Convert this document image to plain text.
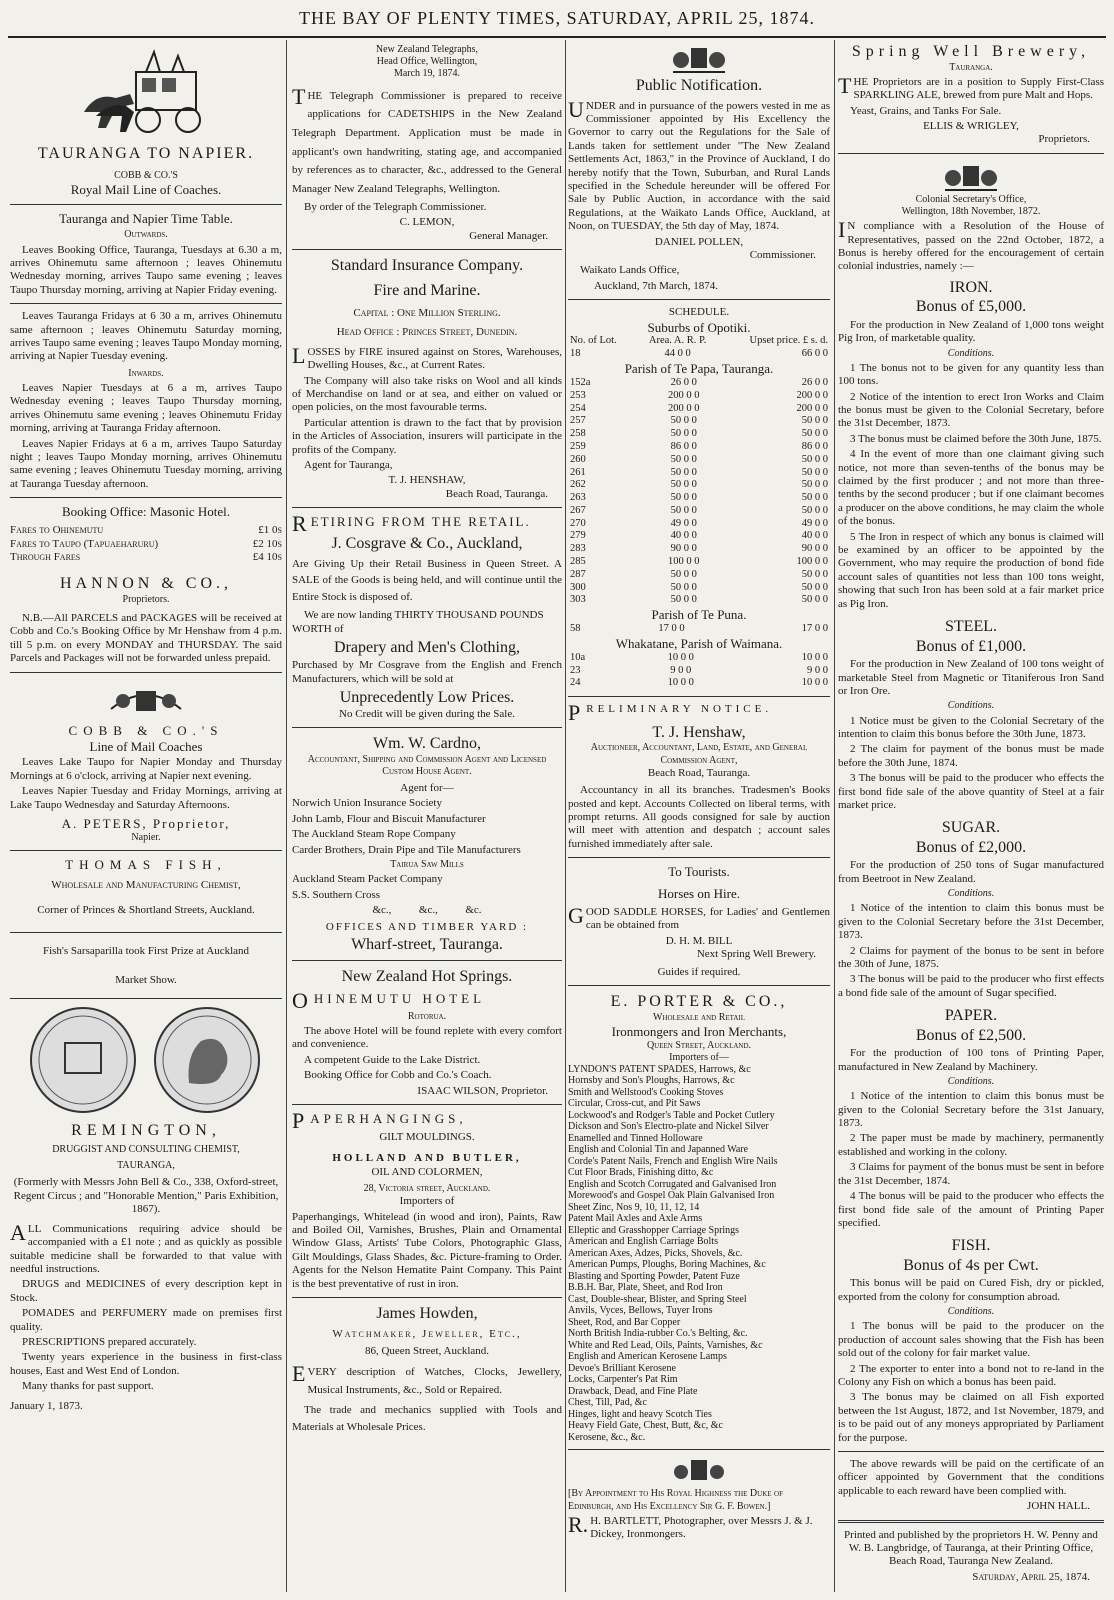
THE BAY OF PLENTY TIMES, SATURDAY, APRIL 25, 1874.
TAURANGA TO NAPIER.
COBB & CO.'S
Royal Mail Line of Coaches.
Tauranga and Napier Time Table.
Outwards.

Leaves Booking Office, Tauranga, Tuesdays at 6.30 a m, arrives Ohinemutu same afternoon ; leaves Ohinemutu Wednesday morning, arrives Taupo same evening ; leaves Taupo Thursday morning, arriving at Napier Friday evening.

Leaves Tauranga Fridays at 6 30 a m, arrives Ohinemutu same afternoon ; leaves Ohinemutu Saturday morning, arrives Taupo same evening ; leaves Taupo Monday morning, arriving at Napier Tuesday evening.

Inwards.

Leaves Napier Tuesdays at 6 a m, arrives Taupo Wednesday evening ; leaves Taupo Thursday morning, arrives Ohinemutu same evening ; leaves Ohinemutu Friday morning, arriving at Tauranga Friday afternoon.

Leaves Napier Fridays at 6 a m, arrives Taupo Saturday night ; leaves Taupo Monday morning, arrives Ohinemutu same evening ; leaves Ohinemutu Tuesday morning, arriving at Tauranga Tuesday afternoon.

Booking Office: Masonic Hotel.
Fares to Ohinemutu	£1 0s
Fares to Taupo (Tapuaeharuru)	£2 10s
Through Fares	£4 10s
HANNON & CO.,
Proprietors.

N.B.—All PARCELS and PACKAGES will be received at Cobb and Co.'s Booking Office by Mr Henshaw from 4 p.m. till 5 p.m. on every MONDAY and THURSDAY. The said Parcels and Packages will not be forwarded unless prepaid.

COBB & CO.'S
Line of Mail Coaches

Leaves Lake Taupo for Napier Monday and Thursday Mornings at 6 o'clock, arriving at Napier next evening.

Leaves Napier Tuesday and Friday Mornings, arriving at Lake Taupo Wednesday and Saturday Afternoons.

A. PETERS, Proprietor,
Napier.
THOMAS FISH,
Wholesale and Manufacturing Chemist,
Corner of Princes & Shortland Streets, Auckland.
Fish's Sarsaparilla took First Prize at Auckland
Market Show.
REMINGTON,
DRUGGIST AND CONSULTING CHEMIST,
TAURANGA,

(Formerly with Messrs John Bell & Co., 338, Oxford-street, Regent Circus ; and "Honorable Mention," Paris Exhibition, 1867).

ALL Communications requiring advice should be accompanied with a £1 note ; and as quickly as possible suitable medicine shall be forwarded to that value with needful instructions.

DRUGS and MEDICINES of every description kept in Stock.

POMADES and PERFUMERY made on premises first quality.

PRESCRIPTIONS prepared accurately.

Twenty years experience in the business in first-class houses, East and West End of London.

Many thanks for past support.

January 1, 1873.

New Zealand Telegraphs,
Head Office, Wellington,
March 19, 1874.

THE Telegraph Commissioner is prepared to receive applications for CADETSHIPS in the New Zealand Telegraph Department. Application must be made in applicant's own handwriting, stating age, and accompanied by references as to character, &c., addressed to the General Manager New Zealand Telegraphs, Wellington.

By order of the Telegraph Commissioner.

C. LEMON,
General Manager.
Standard Insurance Company.
Fire and Marine.
Capital : One Million Sterling.
Head Office : Princes Street, Dunedin.

LOSSES by FIRE insured against on Stores, Warehouses, Dwelling Houses, &c., at Current Rates.

The Company will also take risks on Wool and all kinds of Merchandise on land or at sea, and either on valued or open policies, on the most favourable terms.

Particular attention is drawn to the fact that by provision in the Articles of Association, insurers will participate in the profits of the Company.

Agent for Tauranga,

T. J. HENSHAW,
Beach Road, Tauranga.
RETIRING FROM THE RETAIL.
J. Cosgrave & Co., Auckland,

Are Giving Up their Retail Business in Queen Street. A SALE of the Goods is being held, and will continue until the Entire Stock is disposed of.

We are now landing THIRTY THOUSAND POUNDS WORTH of

Drapery and Men's Clothing,

Purchased by Mr Cosgrave from the English and French Manufacturers, which will be sold at

Unprecedently Low Prices.
No Credit will be given during the Sale.
Wm. W. Cardno,
Accountant, Shipping and Commission Agent and Licensed Custom House Agent.
Agent for—

Norwich Union Insurance Society

John Lamb, Flour and Biscuit Manufacturer

The Auckland Steam Rope Company

Carder Brothers, Drain Pipe and Tile Manufacturers

Tairua Saw Mills

Auckland Steam Packet Company

S.S. Southern Cross

&c.,          &c.,          &c.
OFFICES AND TIMBER YARD :
Wharf-street, Tauranga.
New Zealand Hot Springs.
OHINEMUTU HOTEL
Rotorua.

The above Hotel will be found replete with every comfort and convenience.

A competent Guide to the Lake District.

Booking Office for Cobb and Co.'s Coach.

ISAAC WILSON, Proprietor.
PAPERHANGINGS,
GILT MOULDINGS.
HOLLAND AND BUTLER,
OIL AND COLORMEN,
28, Victoria street, Auckland.
Importers of

Paperhangings, Whitelead (in wood and iron), Paints, Raw and Boiled Oil, Varnishes, Brushes, Plain and Ornamental Window Glass, Artists' Tube Colors, Photographic Glass, Gilt Mouldings, Glass Shades, &c. Picture-framing to Order. Agents for the Nelson Hematite Paint Company. This Paint is the best preventative of rust in iron.

James Howden,
Watchmaker, Jeweller, Etc.,
86, Queen Street, Auckland.

EVERY description of Watches, Clocks, Jewellery, Musical Instruments, &c., Sold or Repaired.

The trade and mechanics supplied with Tools and Materials at Wholesale Prices.

Public Notification.

UNDER and in pursuance of the powers vested in me as Commissioner appointed by His Excellency the Governor to carry out the Regulations for the Sale of Lands taken for settlement under "The New Zealand Settlements Act, 1863," in the Province of Auckland, I do hereby notify that the Town, Suburban, and Rural Lands specified in the Schedule hereunder will be offered For Sale by Public Auction, in accordance with the said Regulations, at the Waikato Lands Office, Auckland, at Noon, on TUESDAY, the 5th day of May, 1874.

DANIEL POLLEN,
Commissioner.

Waikato Lands Office,

Auckland, 7th March, 1874.

SCHEDULE.
Suburbs of Opotiki.
No. of Lot.	Area. A. R. P.	Upset price. £ s. d.
18	44 0 0	66 0 0
Parish of Te Papa, Tauranga.
152a	26 0 0	26 0 0
253	200 0 0	200 0 0
254	200 0 0	200 0 0
257	50 0 0	50 0 0
258	50 0 0	50 0 0
259	86 0 0	86 0 0
260	50 0 0	50 0 0
261	50 0 0	50 0 0
262	50 0 0	50 0 0
263	50 0 0	50 0 0
267	50 0 0	50 0 0
270	49 0 0	49 0 0
279	40 0 0	40 0 0
283	90 0 0	90 0 0
285	100 0 0	100 0 0
287	50 0 0	50 0 0
300	50 0 0	50 0 0
303	50 0 0	50 0 0
Parish of Te Puna.
58	17 0 0	17 0 0
Whakatane, Parish of Waimana.
10a	10 0 0	10 0 0
23	9 0 0	9 0 0
24	10 0 0	10 0 0
PRELIMINARY NOTICE.
T. J. Henshaw,
Auctioneer, Accountant, Land, Estate, and General Commission Agent,
Beach Road, Tauranga.

Accountancy in all its branches. Tradesmen's Books posted and kept. Accounts Collected on liberal terms, with prompt returns. All goods consigned for sale by auction will meet with attention and despatch ; account sales furnished immediately after sale.

To Tourists.
Horses on Hire.

GOOD SADDLE HORSES, for Ladies' and Gentlemen can be obtained from

D. H. M. BILL
Next Spring Well Brewery.
Guides if required.
E. PORTER & CO.,
Wholesale and Retail
Ironmongers and Iron Merchants,
Queen Street, Auckland.
Importers of—
LYNDON'S PATENT SPADES, Harrows, &c
Hornsby and Son's Ploughs, Harrows, &c
Smith and Wellstood's Cooking Stoves
Circular, Cross-cut, and Pit Saws
Lockwood's and Rodger's Table and Pocket Cutlery
Dickson and Son's Electro-plate and Nickel Silver
Enamelled and Tinned Holloware
English and Colonial Tin and Japanned Ware
Corde's Patent Nails, French and English Wire Nails
Cut Floor Brads, Finishing ditto, &c
English and Scotch Corrugated and Galvanised Iron
Morewood's and Gospel Oak Plain Galvanised Iron
Sheet Zinc, Nos 9, 10, 11, 12, 14
Patent Mail Axles and Axle Arms
Elleptic and Grasshopper Carriage Springs
American and English Carriage Bolts
American Axes, Adzes, Picks, Shovels, &c.
American Pumps, Ploughs, Boring Machines, &c
Blasting and Sporting Powder, Patent Fuze
B.B.H. Bar, Plate, Sheet, and Rod Iron
Cast, Double-shear, Blister, and Spring Steel
Anvils, Vyces, Bellows, Tuyer Irons
Sheet, Rod, and Bar Copper
North British India-rubber Co.'s Belting, &c.
White and Red Lead, Oils, Paints, Varnishes, &c
English and American Kerosene Lamps
Devoe's Brilliant Kerosene
Locks, Carpenter's Pat Rim
Drawback, Dead, and Fine Plate
Chest, Till, Pad, &c
Hinges, light and heavy Scotch Ties
Heavy Field Gate, Chest, Butt, &c, &c
Kerosene, &c., &c.

[By Appointment to His Royal Highness the Duke of Edinburgh, and His Excellency Sir G. F. Bowen.]

R.H. BARTLETT, Photographer, over Messrs J. & J. Dickey, Ironmongers.

Spring Well Brewery,
Tauranga.

THE Proprietors are in a position to Supply First-Class SPARKLING ALE, brewed from pure Malt and Hops.

Yeast, Grains, and Tanks For Sale.

ELLIS & WRIGLEY,
Proprietors.
Colonial Secretary's Office,
Wellington, 18th November, 1872.

IN compliance with a Resolution of the House of Representatives, passed on the 22nd October, 1872, a Bonus is hereby offered for the encouragement of certain colonial industries, namely :—

IRON.
Bonus of £5,000.

For the production in New Zealand of 1,000 tons weight Pig Iron, of marketable quality.

Conditions.

1 The bonus not to be given for any quantity less than 100 tons.

2 Notice of the intention to erect Iron Works and Claim the bonus must be given to the Colonial Secretary, before the 31st December, 1873.

3 The bonus must be claimed before the 30th June, 1875.

4 In the event of more than one claimant giving such notice, not more than seven-tenths of the bonus may be claimed by the first producer ; and not more than three-tenths by the second producer ; but if one claimant becomes a producer on the above conditions, he may claim the whole of the bonus.

5 The Iron in respect of which any bonus is claimed will be examined by an officer to be appointed by the Government, who may require the production of bond fide account sales of quantities not less than 100 tons weight, showing that such Iron has been sold at a fair market price as Pig Iron.

STEEL.
Bonus of £1,000.

For the production in New Zealand of 100 tons weight of marketable Steel from Magnetic or Titaniferous Iron Sand or Iron Ore.

Conditions.

1 Notice must be given to the Colonial Secretary of the intention to claim this bonus before the 30th June, 1873.

2 The claim for payment of the bonus must be made before the 30th June, 1874.

3 The bonus will be paid to the producer who effects the first bond fide sale of the above quantity of Steel at a fair market price.

SUGAR.
Bonus of £2,000.

For the production of 250 tons of Sugar manufactured from Beetroot in New Zealand.

Conditions.

1 Notice of the intention to claim this bonus must be given to the Colonial Secretary before the 31st December, 1873.

2 Claims for payment of the bonus to be sent in before the 30th of June, 1875.

3 The bonus will be paid to the producer who first effects a bond fide sale of the amount of Sugar specified.

PAPER.
Bonus of £2,500.

For the production of 100 tons of Printing Paper, manufactured in New Zealand by Machinery.

Conditions.

1 Notice of the intention to claim this bonus must be given to the Colonial Secretary before the 31st January, 1873.

2 The paper must be made by machinery, permanently established and working in the colony.

3 Claims for payment of the bonus must be sent in before the 31st December, 1874.

4 The bonus will be paid to the producer who effects the first bond fide sale of the amount of Printing Paper specified.

FISH.
Bonus of 4s per Cwt.

This bonus will be paid on Cured Fish, dry or pickled, exported from the colony for consumption abroad.

Conditions.

1 The bonus will be paid to the producer on the production of account sales showing that the Fish has been sold out of the colony for fair market value.

2 The exporter to enter into a bond not to re-land in the Colony any Fish on which a bonus has been paid.

3 The bonus may be claimed on all Fish exported between the 1st August, 1872, and 1st November, 1879, and is to be paid out of any moneys appropriated by Parliament for the purpose.

The above rewards will be paid on the certificate of an officer appointed by Government that the conditions applicable to each reward have been complied with.

JOHN HALL.

Printed and published by the proprietors H. W. Penny and W. B. Langbridge, of Tauranga, at their Printing Office, Beach Road, Tauranga New Zealand.

Saturday, April 25, 1874.
